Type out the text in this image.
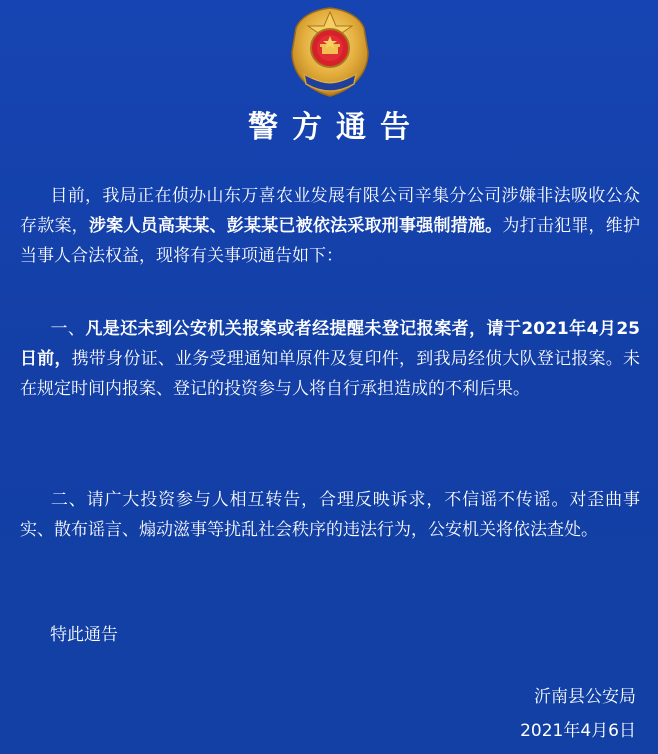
警方通告
目前，我局正在侦办山东万喜农业发展有限公司辛集分公司涉嫌非法吸收公众存款案，涉案人员高某某、彭某某已被依法采取刑事强制措施。为打击犯罪，维护当事人合法权益，现将有关事项通告如下：
一、凡是还未到公安机关报案或者经提醒未登记报案者，请于2021年4月25日前，携带身份证、业务受理通知单原件及复印件，到我局经侦大队登记报案。未在规定时间内报案、登记的投资参与人将自行承担造成的不利后果。
二、请广大投资参与人相互转告，合理反映诉求，不信谣不传谣。对歪曲事实、散布谣言、煽动滋事等扰乱社会秩序的违法行为，公安机关将依法查处。
特此通告
沂南县公安局
2021年4月6日
